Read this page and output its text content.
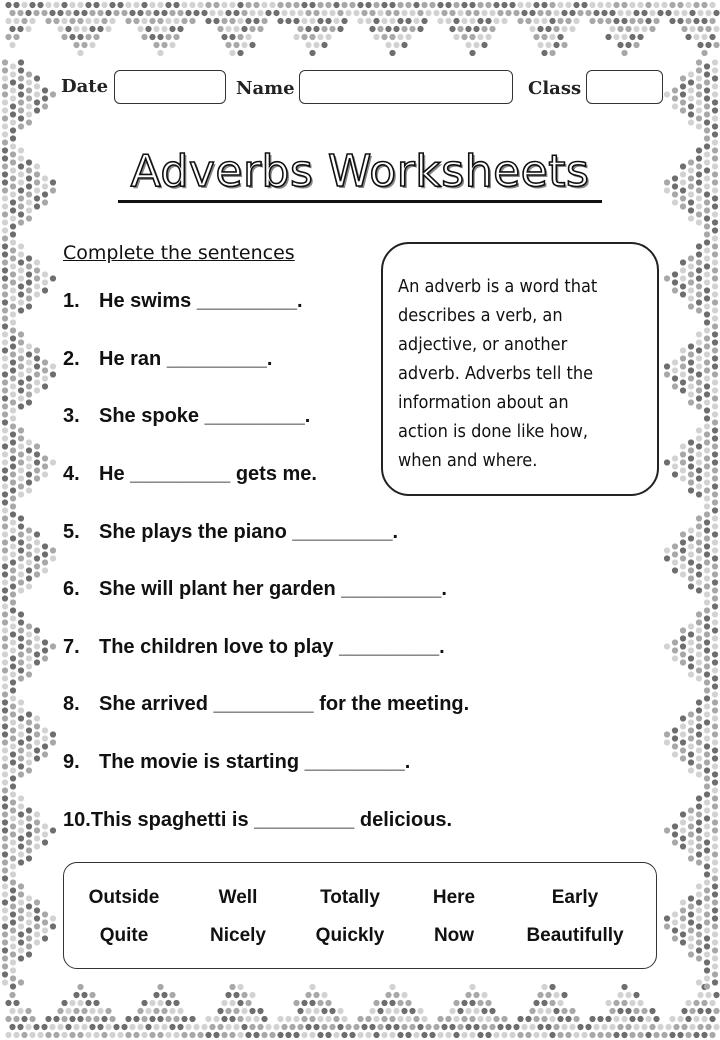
Date	Name	Class
Adverbs Worksheets
Complete the sentences
An adverb is a word that
describes a verb, an
adjective, or another
adverb. Adverbs tell the
information about an
action is done like how,
when and where.
1. He swims _________.
2. He ran _________.
3. She spoke _________.
4. He _________ gets me.
5. She plays the piano _________.
6. She will plant her garden _________.
7. The children love to play _________.
8. She arrived _________ for the meeting.
9. The movie is starting _________.
10.This spaghetti is _________ delicious.
Outside	Well	Totally	Here	Early
Quite	Nicely	Quickly	Now	Beautifully
